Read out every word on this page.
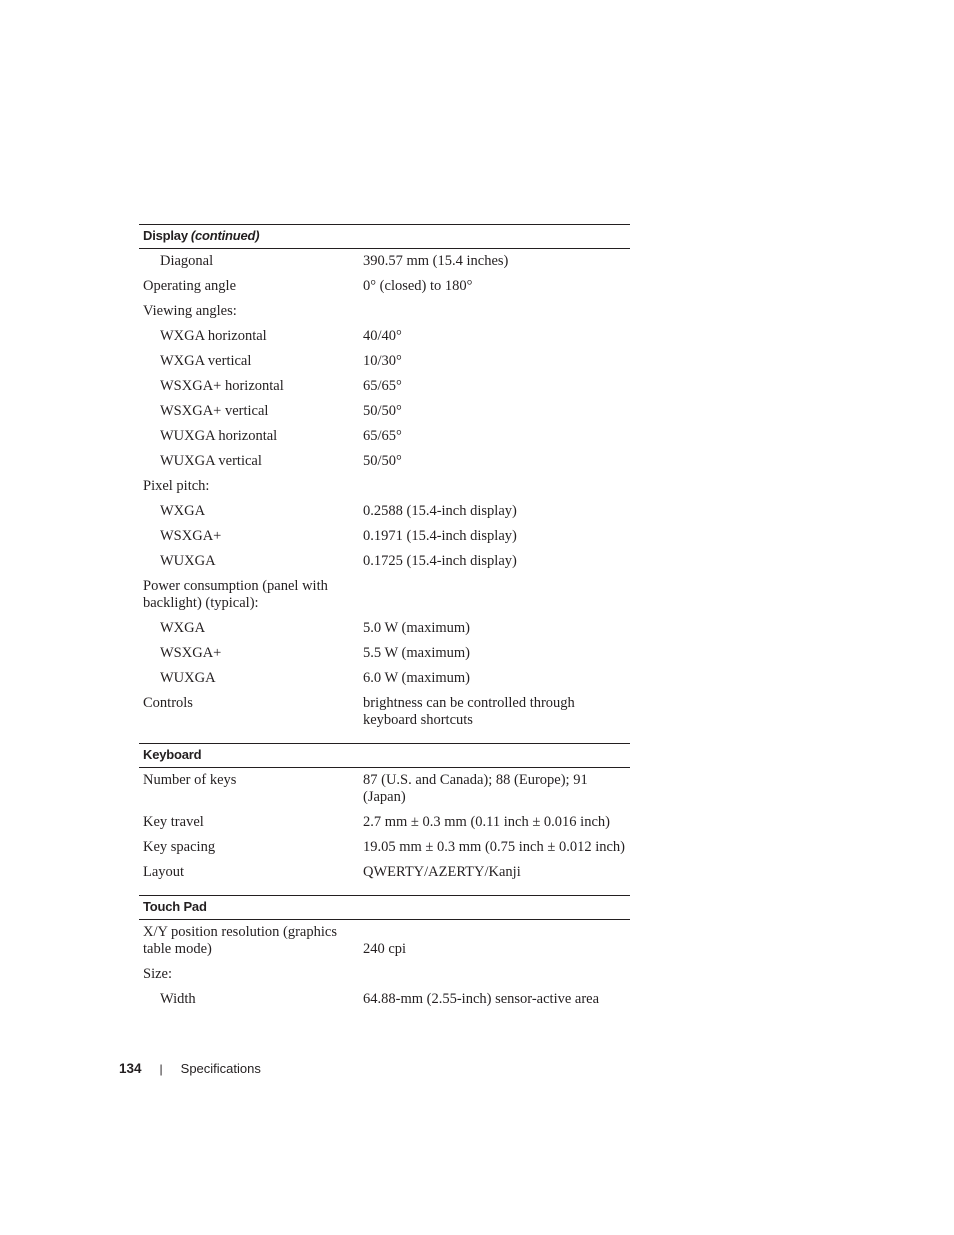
Display (continued)
Diagonal	390.57 mm (15.4 inches)
Operating angle	0° (closed) to 180°
Viewing angles:
WXGA horizontal	40/40°
WXGA vertical	10/30°
WSXGA+ horizontal	65/65°
WSXGA+ vertical	50/50°
WUXGA horizontal	65/65°
WUXGA vertical	50/50°
Pixel pitch:
WXGA	0.2588 (15.4-inch display)
WSXGA+	0.1971 (15.4-inch display)
WUXGA	0.1725 (15.4-inch display)
Power consumption (panel with backlight) (typical):
WXGA	5.0 W (maximum)
WSXGA+	5.5 W (maximum)
WUXGA	6.0 W (maximum)
Controls	brightness can be controlled through keyboard shortcuts
Keyboard
Number of keys	87 (U.S. and Canada); 88 (Europe); 91 (Japan)
Key travel	2.7 mm ± 0.3 mm (0.11 inch ± 0.016 inch)
Key spacing	19.05 mm ± 0.3 mm (0.75 inch ± 0.012 inch)
Layout	QWERTY/AZERTY/Kanji
Touch Pad
X/Y position resolution (graphics table mode)	240 cpi
Size:
Width	64.88-mm (2.55-inch) sensor-active area
134 | Specifications
